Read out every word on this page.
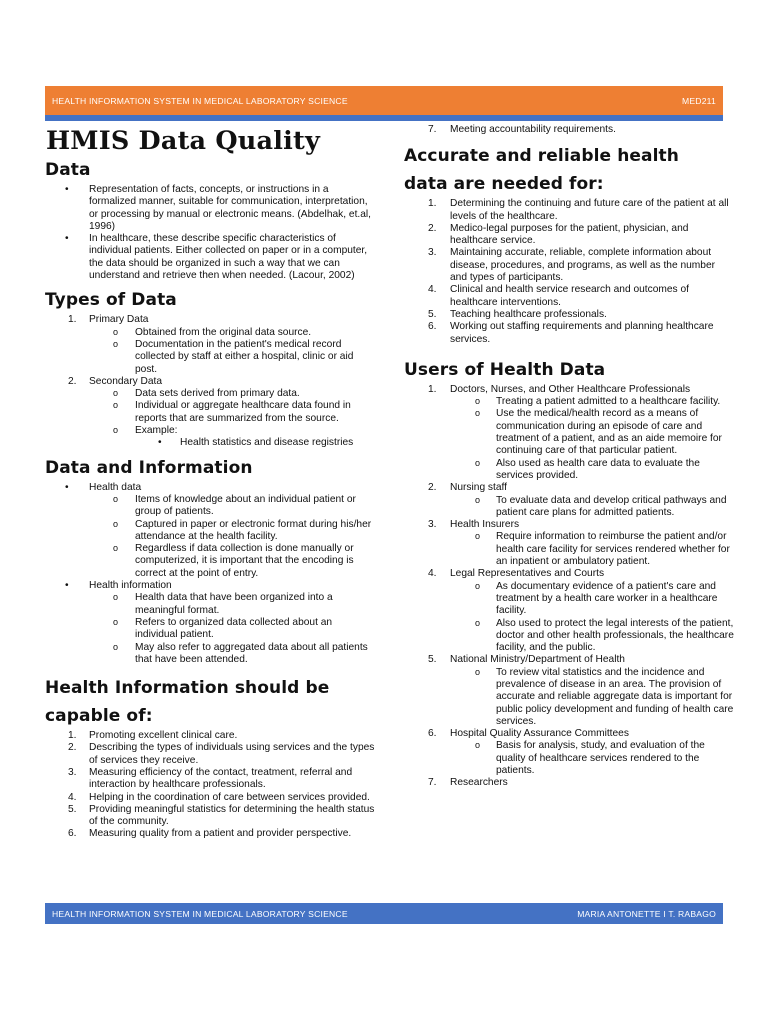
HEALTH INFORMATION SYSTEM IN MEDICAL LABORATORY SCIENCE	MED211
HMIS Data Quality
Data
• Representation of facts, concepts, or instructions in a formalized manner, suitable for communication, interpretation, or processing by manual or electronic means. (Abdelhak, et.al, 1996)
• In healthcare, these describe specific characteristics of individual patients. Either collected on paper or in a computer, the data should be organized in such a way that we can understand and retrieve then when needed. (Lacour, 2002)
Types of Data
1. Primary Data
o Obtained from the original data source.
o Documentation in the patient's medical record collected by staff at either a hospital, clinic or aid post.
2. Secondary Data
o Data sets derived from primary data.
o Individual or aggregate healthcare data found in reports that are summarized from the source.
o Example:
• Health statistics and disease registries
Data and Information
• Health data
o Items of knowledge about an individual patient or group of patients.
o Captured in paper or electronic format during his/her attendance at the health facility.
o Regardless if data collection is done manually or computerized, it is important that the encoding is correct at the point of entry.
• Health information
o Health data that have been organized into a meaningful format.
o Refers to organized data collected about an individual patient.
o May also refer to aggregated data about all patients that have been attended.
Health Information should be capable of:
1. Promoting excellent clinical care.
2. Describing the types of individuals using services and the types of services they receive.
3. Measuring efficiency of the contact, treatment, referral and interaction by healthcare professionals.
4. Helping in the coordination of care between services provided.
5. Providing meaningful statistics for determining the health status of the community.
6. Measuring quality from a patient and provider perspective.
7. Meeting accountability requirements.
Accurate and reliable health data are needed for:
1. Determining the continuing and future care of the patient at all levels of the healthcare.
2. Medico-legal purposes for the patient, physician, and healthcare service.
3. Maintaining accurate, reliable, complete information about disease, procedures, and programs, as well as the number and types of participants.
4. Clinical and health service research and outcomes of healthcare interventions.
5. Teaching healthcare professionals.
6. Working out staffing requirements and planning healthcare services.
Users of Health Data
1. Doctors, Nurses, and Other Healthcare Professionals
o Treating a patient admitted to a healthcare facility.
o Use the medical/health record as a means of communication during an episode of care and treatment of a patient, and as an aide memoire for continuing care of that particular patient.
o Also used as health care data to evaluate the services provided.
2. Nursing staff
o To evaluate data and develop critical pathways and patient care plans for admitted patients.
3. Health Insurers
o Require information to reimburse the patient and/or health care facility for services rendered whether for an inpatient or ambulatory patient.
4. Legal Representatives and Courts
o As documentary evidence of a patient's care and treatment by a health care worker in a healthcare facility.
o Also used to protect the legal interests of the patient, doctor and other health professionals, the healthcare facility, and the public.
5. National Ministry/Department of Health
o To review vital statistics and the incidence and prevalence of disease in an area. The provision of accurate and reliable aggregate data is important for public policy development and funding of health care services.
6. Hospital Quality Assurance Committees
o Basis for analysis, study, and evaluation of the quality of healthcare services rendered to the patients.
7. Researchers
HEALTH INFORMATION SYSTEM IN MEDICAL LABORATORY SCIENCE	MARIA ANTONETTE I T. RABAGO
